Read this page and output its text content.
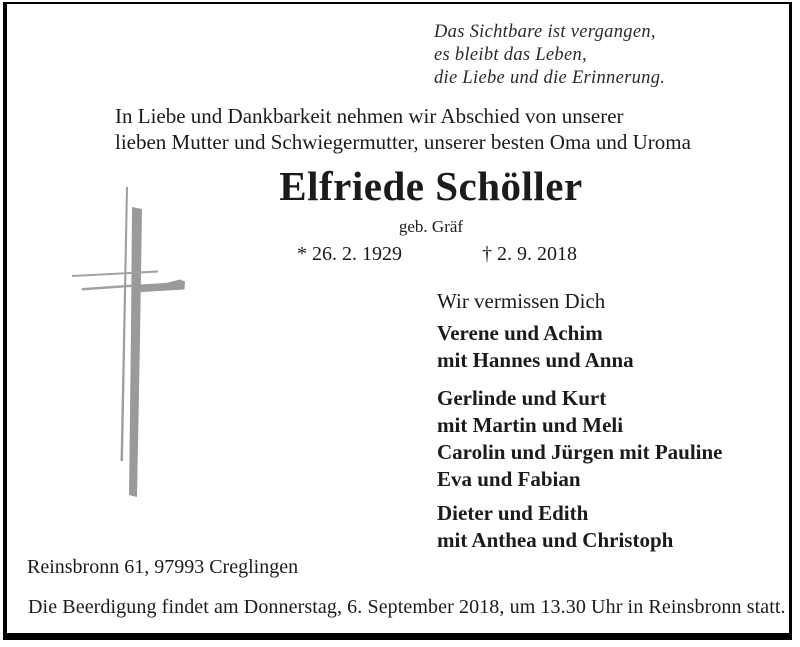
Das Sichtbare ist vergangen,
es bleibt das Leben,
die Liebe und die Erinnerung.
In Liebe und Dankbarkeit nehmen wir Abschied von unserer
lieben Mutter und Schwiegermutter, unserer besten Oma und Uroma
Elfriede Schöller
geb. Gräf
* 26. 2. 1929	† 2. 9. 2018
Wir vermissen Dich
Verene und Achim
mit Hannes und Anna
Gerlinde und Kurt
mit Martin und Meli
Carolin und Jürgen mit Pauline
Eva und Fabian
Dieter und Edith
mit Anthea und Christoph
Reinsbronn 61, 97993 Creglingen
Die Beerdigung findet am Donnerstag, 6. September 2018, um 13.30 Uhr in Reinsbronn statt.
